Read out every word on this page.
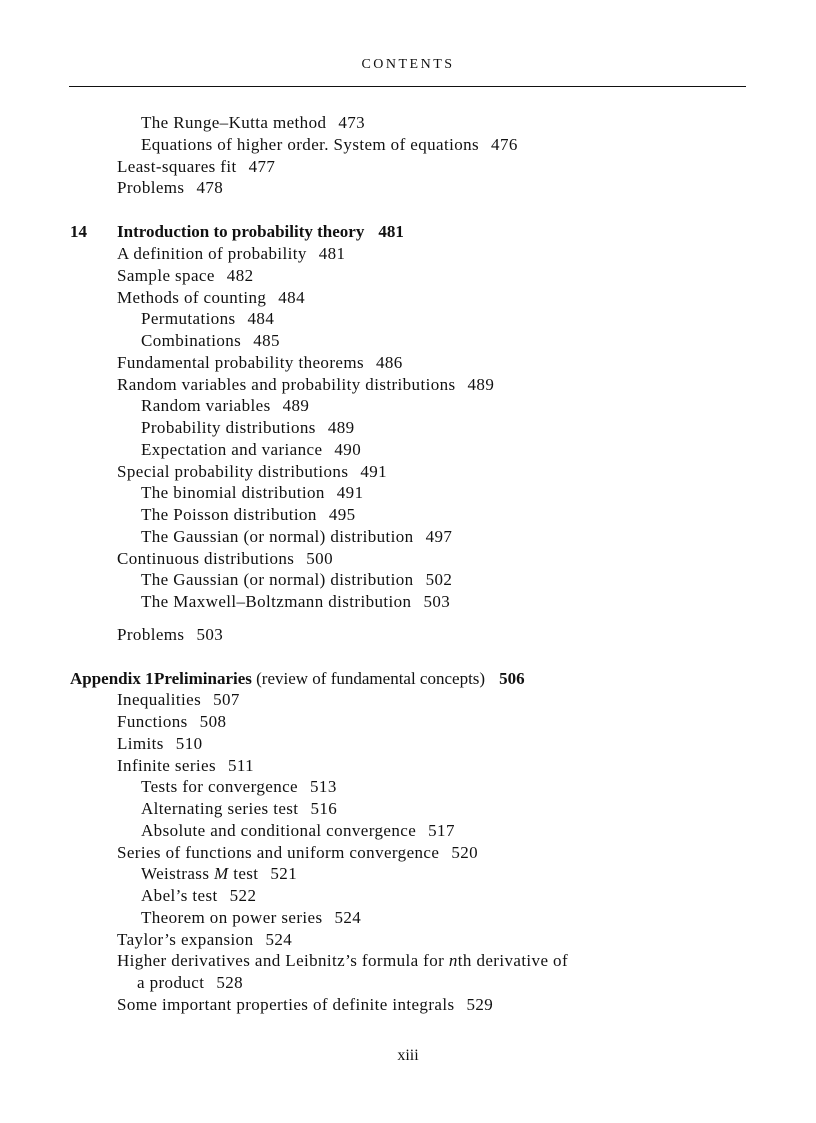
CONTENTS
The Runge–Kutta method 473
Equations of higher order. System of equations 476
Least-squares fit 477
Problems 478
14 Introduction to probability theory 481
A definition of probability 481
Sample space 482
Methods of counting 484
Permutations 484
Combinations 485
Fundamental probability theorems 486
Random variables and probability distributions 489
Random variables 489
Probability distributions 489
Expectation and variance 490
Special probability distributions 491
The binomial distribution 491
The Poisson distribution 495
The Gaussian (or normal) distribution 497
Continuous distributions 500
The Gaussian (or normal) distribution 502
The Maxwell–Boltzmann distribution 503
Problems 503
Appendix 1Preliminaries (review of fundamental concepts) 506
Inequalities 507
Functions 508
Limits 510
Infinite series 511
Tests for convergence 513
Alternating series test 516
Absolute and conditional convergence 517
Series of functions and uniform convergence 520
Weistrass M test 521
Abel’s test 522
Theorem on power series 524
Taylor’s expansion 524
Higher derivatives and Leibnitz’s formula for nth derivative of
a product 528
Some important properties of definite integrals 529
xiii
